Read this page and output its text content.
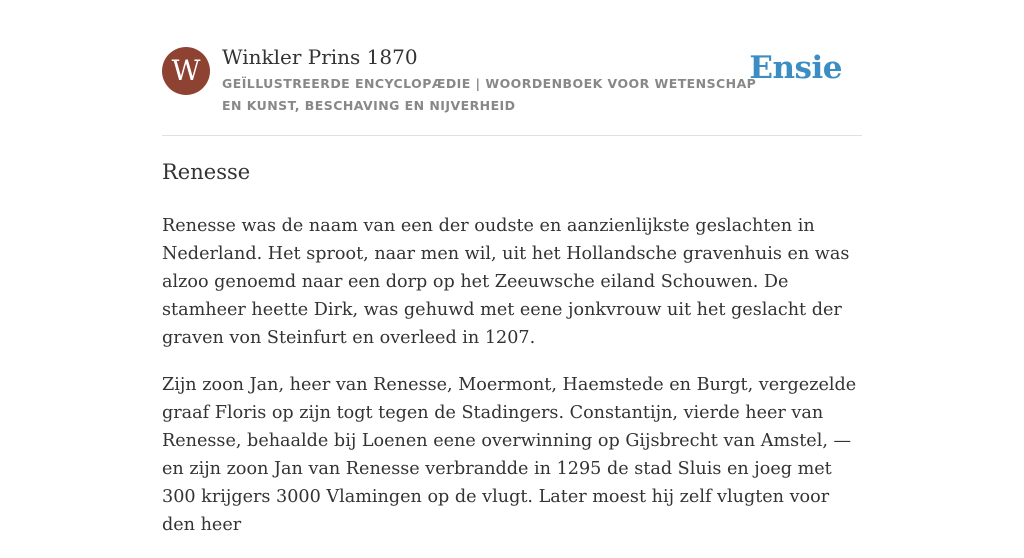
W	Winkler Prins 1870
GEÏLLUSTREERDE ENCYCLOPÆDIE | WOORDENBOEK VOOR WETENSCHAP EN KUNST, BESCHAVING EN NIJVERHEID
Ensie
Renesse

Renesse was de naam van een der oudste en aanzienlijkste geslachten in Nederland. Het sproot, naar men wil, uit het Hollandsche gravenhuis en was alzoo genoemd naar een dorp op het Zeeuwsche eiland Schouwen. De stamheer heette Dirk, was gehuwd met eene jonkvrouw uit het geslacht der graven von Steinfurt en overleed in 1207.

Zijn zoon Jan, heer van Renesse, Moermont, Haemstede en Burgt, vergezelde graaf Floris op zijn togt tegen de Stadingers. Constantijn, vierde heer van Renesse, behaalde bij Loenen eene overwinning op Gijsbrecht van Amstel, — en zijn zoon Jan van Renesse verbrandde in 1295 de stad Sluis en joeg met 300 krijgers 3000 Vlamingen op de vlugt. Later moest hij zelf vlugten voor den heer
